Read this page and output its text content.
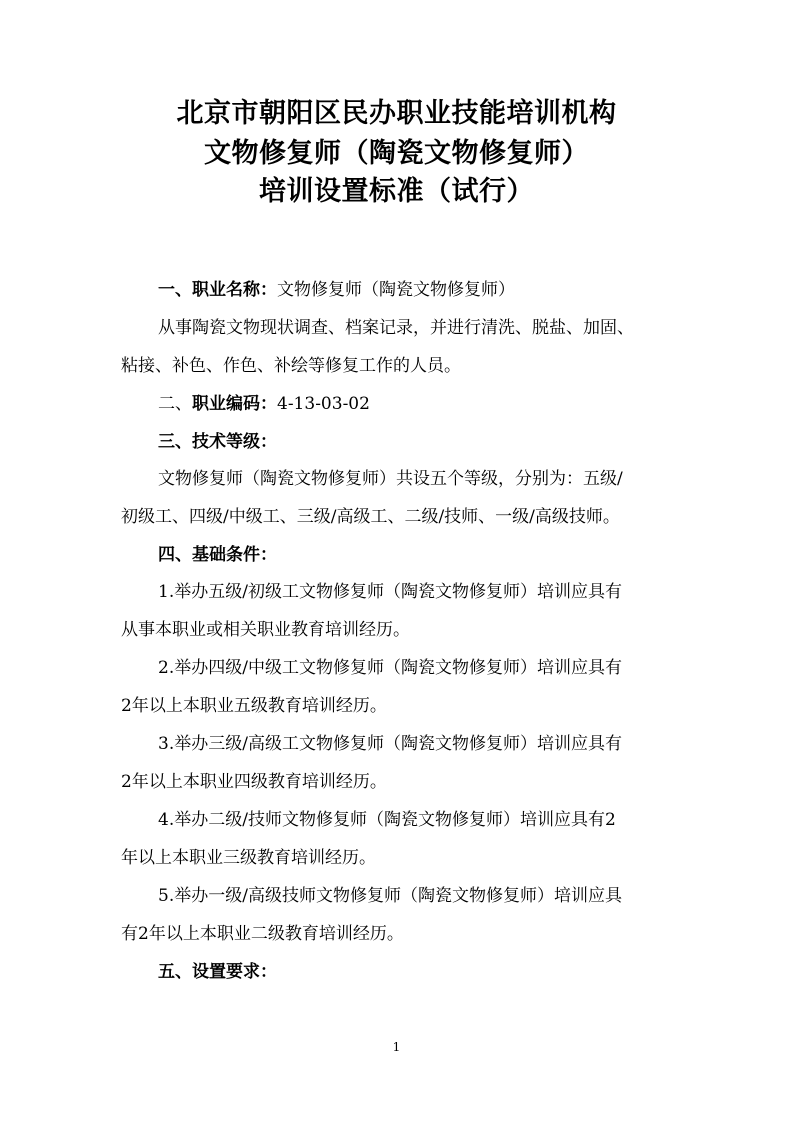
北京市朝阳区民办职业技能培训机构
文物修复师（陶瓷文物修复师）
培训设置标准（试行）
一、职业名称：文物修复师（陶瓷文物修复师）
从事陶瓷文物现状调查、档案记录，并进行清洗、脱盐、加固、
粘接、补色、作色、补绘等修复工作的人员。
二、职业编码：4-13-03-02
三、技术等级：
文物修复师（陶瓷文物修复师）共设五个等级，分别为：五级/
初级工、四级/中级工、三级/高级工、二级/技师、一级/高级技师。
四、基础条件：
1.举办五级/初级工文物修复师（陶瓷文物修复师）培训应具有
从事本职业或相关职业教育培训经历。
2.举办四级/中级工文物修复师（陶瓷文物修复师）培训应具有
2年以上本职业五级教育培训经历。
3.举办三级/高级工文物修复师（陶瓷文物修复师）培训应具有
2年以上本职业四级教育培训经历。
4.举办二级/技师文物修复师（陶瓷文物修复师）培训应具有2
年以上本职业三级教育培训经历。
5.举办一级/高级技师文物修复师（陶瓷文物修复师）培训应具
有2年以上本职业二级教育培训经历。
五、设置要求：
1
